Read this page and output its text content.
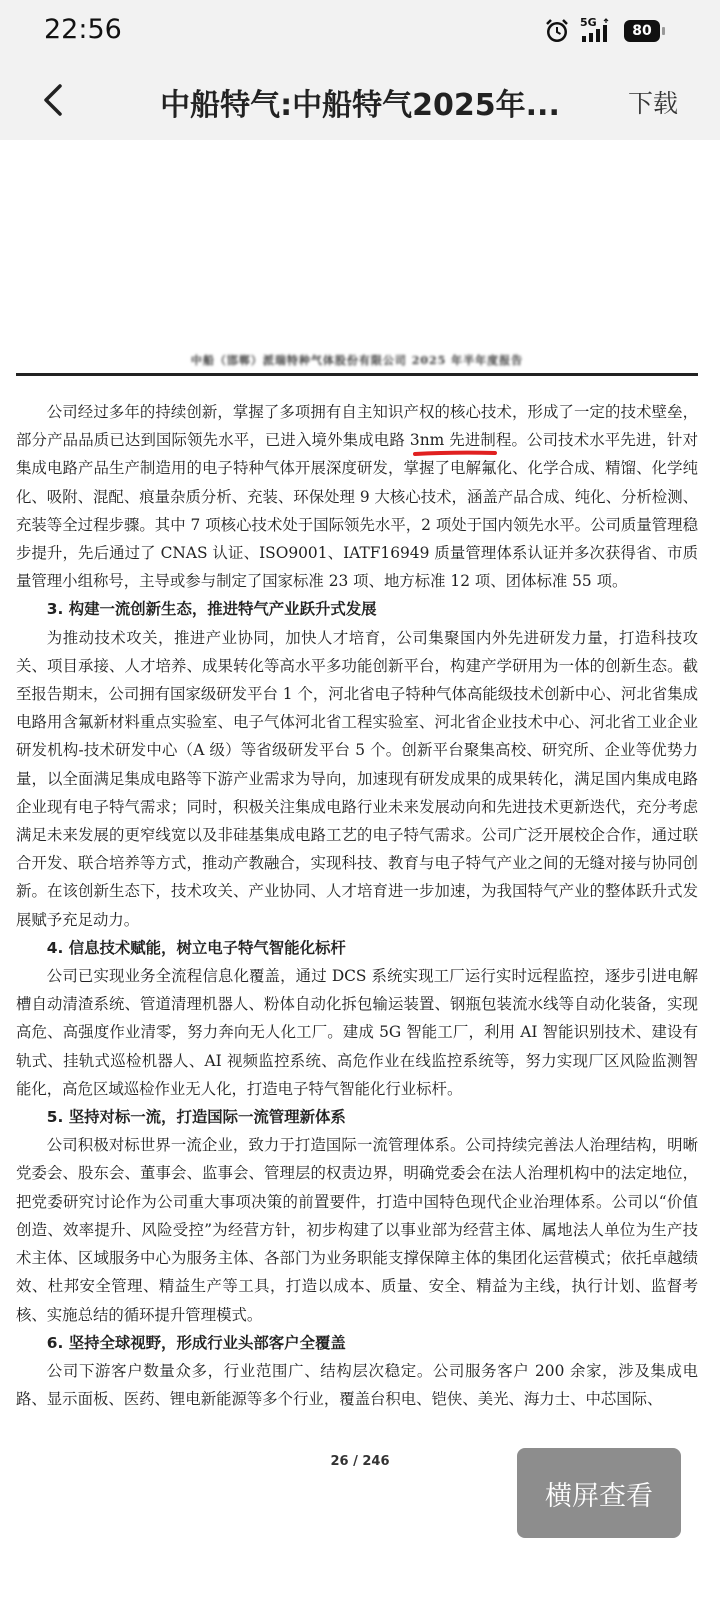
22:56	5G
80
中船特气:中船特气2025年...	下载
中船（邯郸）派瑞特种气体股份有限公司 2025 年半年度报告

公司经过多年的持续创新，掌握了多项拥有自主知识产权的核心技术，形成了一定的技术壁垒，部分产品品质已达到国际领先水平，已进入境外集成电路 3nm 先进制程。公司技术水平先进，针对集成电路产品生产制造用的电子特种气体开展深度研发，掌握了电解氟化、化学合成、精馏、化学纯化、吸附、混配、痕量杂质分析、充装、环保处理 9 大核心技术，涵盖产品合成、纯化、分析检测、充装等全过程步骤。其中 7 项核心技术处于国际领先水平，2 项处于国内领先水平。公司质量管理稳步提升，先后通过了 CNAS 认证、ISO9001、IATF16949 质量管理体系认证并多次获得省、市质量管理小组称号，主导或参与制定了国家标准 23 项、地方标准 12 项、团体标准 55 项。

3. 构建一流创新生态，推进特气产业跃升式发展

为推动技术攻关，推进产业协同，加快人才培育，公司集聚国内外先进研发力量，打造科技攻关、项目承接、人才培养、成果转化等高水平多功能创新平台，构建产学研用为一体的创新生态。截至报告期末，公司拥有国家级研发平台 1 个，河北省电子特种气体高能级技术创新中心、河北省集成电路用含氟新材料重点实验室、电子气体河北省工程实验室、河北省企业技术中心、河北省工业企业研发机构-技术研发中心（A 级）等省级研发平台 5 个。创新平台聚集高校、研究所、企业等优势力量，以全面满足集成电路等下游产业需求为导向，加速现有研发成果的成果转化，满足国内集成电路企业现有电子特气需求；同时，积极关注集成电路行业未来发展动向和先进技术更新迭代，充分考虑满足未来发展的更窄线宽以及非硅基集成电路工艺的电子特气需求。公司广泛开展校企合作，通过联合开发、联合培养等方式，推动产教融合，实现科技、教育与电子特气产业之间的无缝对接与协同创新。在该创新生态下，技术攻关、产业协同、人才培育进一步加速，为我国特气产业的整体跃升式发展赋予充足动力。

4. 信息技术赋能，树立电子特气智能化标杆

公司已实现业务全流程信息化覆盖，通过 DCS 系统实现工厂运行实时远程监控，逐步引进电解槽自动清渣系统、管道清理机器人、粉体自动化拆包输运装置、钢瓶包装流水线等自动化装备，实现高危、高强度作业清零，努力奔向无人化工厂。建成 5G 智能工厂，利用 AI 智能识别技术、建设有轨式、挂轨式巡检机器人、AI 视频监控系统、高危作业在线监控系统等，努力实现厂区风险监测智能化，高危区域巡检作业无人化，打造电子特气智能化行业标杆。

5. 坚持对标一流，打造国际一流管理新体系

公司积极对标世界一流企业，致力于打造国际一流管理体系。公司持续完善法人治理结构，明晰党委会、股东会、董事会、监事会、管理层的权责边界，明确党委会在法人治理机构中的法定地位，把党委研究讨论作为公司重大事项决策的前置要件，打造中国特色现代企业治理体系。公司以“价值创造、效率提升、风险受控”为经营方针，初步构建了以事业部为经营主体、属地法人单位为生产技术主体、区域服务中心为服务主体、各部门为业务职能支撑保障主体的集团化运营模式；依托卓越绩效、杜邦安全管理、精益生产等工具，打造以成本、质量、安全、精益为主线，执行计划、监督考核、实施总结的循环提升管理模式。

6. 坚持全球视野，形成行业头部客户全覆盖

公司下游客户数量众多，行业范围广、结构层次稳定。公司服务客户 200 余家，涉及集成电路、显示面板、医药、锂电新能源等多个行业，覆盖台积电、铠侠、美光、海力士、中芯国际、

26 / 246
横屏查看
